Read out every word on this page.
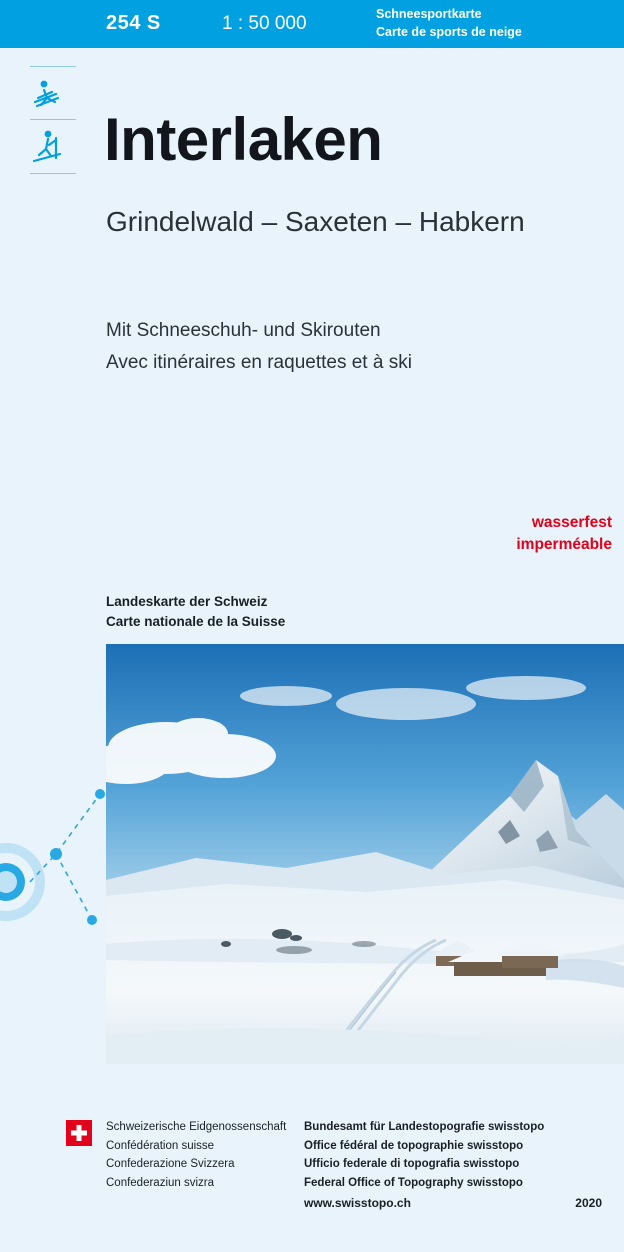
254 S	1 : 50 000	Schneesportkarte
Carte de sports de neige
Interlaken
Grindelwald – Saxeten – Habkern
Mit Schneeschuh- und Skirouten
Avec itinéraires en raquettes et à ski
wasserfest
imperméable
Landeskarte der Schweiz
Carte nationale de la Suisse
Schweizerische Eidgenossenschaft
Confédération suisse
Confederazione Svizzera
Confederaziun svizra
Bundesamt für Landestopografie swisstopo
Office fédéral de topographie swisstopo
Ufficio federale di topografia swisstopo
Federal Office of Topography swisstopo
www.swisstopo.ch	2020
